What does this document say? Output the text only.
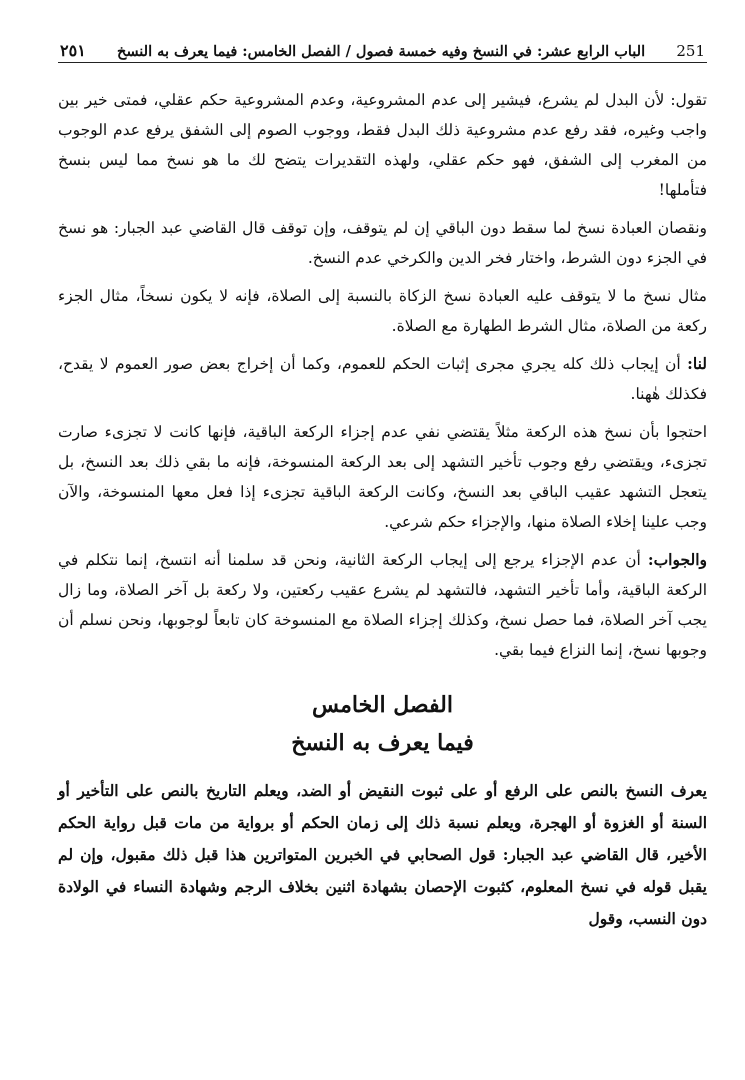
251
الباب الرابع عشر: في النسخ وفيه خمسة فصول / الفصل الخامس: فيما يعرف به النسخ
٢٥١

تقول: لأن البدل لم يشرع، فيشير إلى عدم المشروعية، وعدم المشروعية حكم عقلي، فمتى خير بين واجب وغيره، فقد رفع عدم مشروعية ذلك البدل فقط، ووجوب الصوم إلى الشفق يرفع عدم الوجوب من المغرب إلى الشفق، فهو حكم عقلي، ولهذه التقديرات يتضح لك ما هو نسخ مما ليس بنسخ فتأملها!

ونقصان العبادة نسخ لما سقط دون الباقي إن لم يتوقف، وإن توقف قال القاضي عبد الجبار: هو نسخ في الجزء دون الشرط، واختار فخر الدين والكرخي عدم النسخ.

مثال نسخ ما لا يتوقف عليه العبادة نسخ الزكاة بالنسبة إلى الصلاة، فإنه لا يكون نسخاً، مثال الجزء ركعة من الصلاة، مثال الشرط الطهارة مع الصلاة.

لنا: أن إيجاب ذلك كله يجري مجرى إثبات الحكم للعموم، وكما أن إخراج بعض صور العموم لا يقدح، فكذلك هٰهنا.

احتجوا بأن نسخ هذه الركعة مثلاً يقتضي نفي عدم إجزاء الركعة الباقية، فإنها كانت لا تجزىء صارت تجزىء، ويقتضي رفع وجوب تأخير التشهد إلى بعد الركعة المنسوخة، فإنه ما بقي ذلك بعد النسخ، بل يتعجل التشهد عقيب الباقي بعد النسخ، وكانت الركعة الباقية تجزىء إذا فعل معها المنسوخة، والآن وجب علينا إخلاء الصلاة منها، والإجزاء حكم شرعي.

والجواب: أن عدم الإجزاء يرجع إلى إيجاب الركعة الثانية، ونحن قد سلمنا أنه انتسخ، إنما نتكلم في الركعة الباقية، وأما تأخير التشهد، فالتشهد لم يشرع عقيب ركعتين، ولا ركعة بل آخر الصلاة، وما زال يجب آخر الصلاة، فما حصل نسخ، وكذلك إجزاء الصلاة مع المنسوخة كان تابعاً لوجوبها، ونحن نسلم أن وجوبها نسخ، إنما النزاع فيما بقي.

الفصل الخامس
فيما يعرف به النسخ

يعرف النسخ بالنص على الرفع أو على ثبوت النقيض أو الضد، ويعلم التاريخ بالنص على التأخير أو السنة أو الغزوة أو الهجرة، ويعلم نسبة ذلك إلى زمان الحكم أو برواية من مات قبل رواية الحكم الأخير، قال القاضي عبد الجبار: قول الصحابي في الخبرين المتواترين هذا قبل ذلك مقبول، وإن لم يقبل قوله في نسخ المعلوم، كثبوت الإحصان بشهادة اثنين بخلاف الرجم وشهادة النساء في الولادة دون النسب، وقول
